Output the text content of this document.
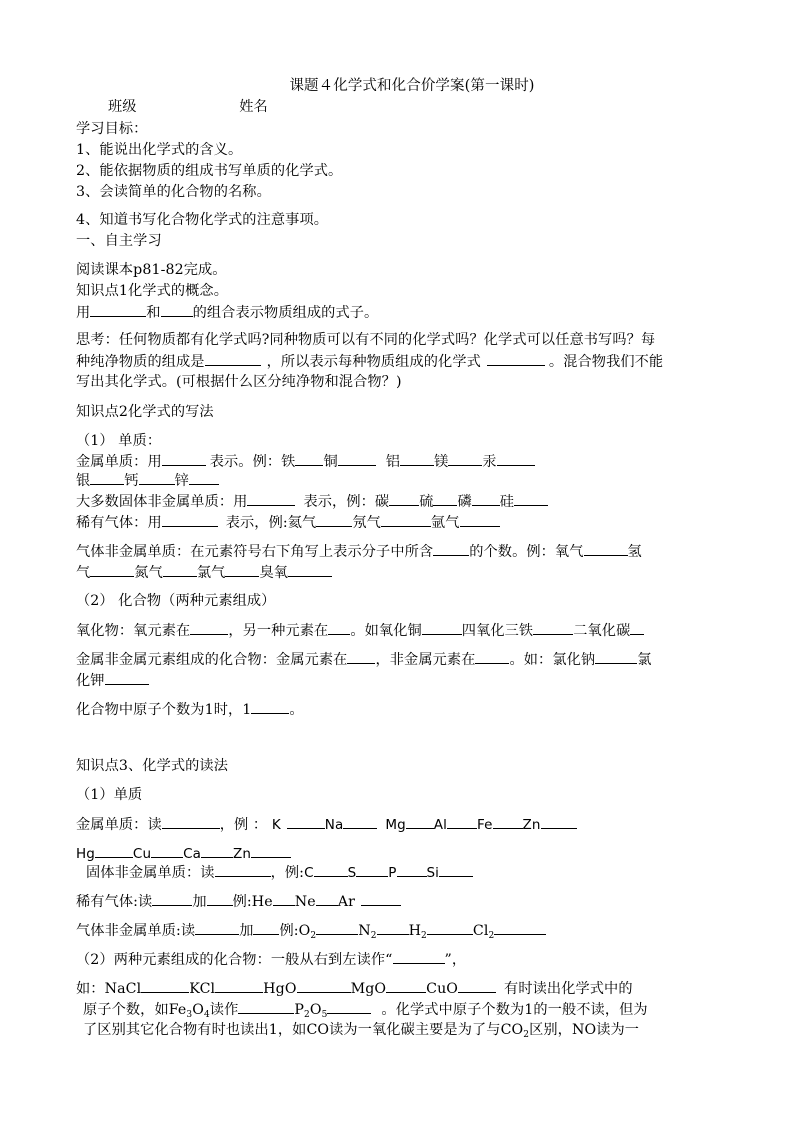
课题４化学式和化合价学案(第一课时)
班级	姓名
学习目标：
1、能说出化学式的含义。
2、能依据物质的组成书写单质的化学式。
3、会读简单的化合物的名称。
4、知道书写化合物化学式的注意事项。
一、自主学习
阅读课本p81-82完成。
知识点1化学式的概念。
用	和 的组合表示物质组成的式子。
思考：任何物质都有化学式吗?同种物质可以有不同的化学式吗？化学式可以任意书写吗？每
种纯净物质的组成是	，所以表示每种物质组成的化学式	。混合物我们不能
写出其化学式。(可根据什么区分纯净物和混合物？)
知识点2化学式的写法
（1） 单质：
金属单质：用	表示。例：铁 铜	铝 镁 汞
银 钙	锌
大多数固体非金属单质：用	表示，例：碳 硫 磷 硅
稀有气体：用	表示，例:氦气	氖气	氩气
气体非金属单质：在元素符号右下角写上表示分子中所含	的个数。例：氧气	氢
气	氮气 氯气 臭氧
（2） 化合物（两种元素组成）
氧化物：氧元素在	，另一种元素在 。如氧化铜	四氧化三铁	二氧化碳
金属非金属元素组成的化合物：金属元素在 ，非金属元素在 。如：氯化钠	氯
化钾
化合物中原子个数为1时，1	。
知识点3、化学式的读法
（1）单质
金属单质：读	，例 ： K	Na	Mg Al Fe Zn
Hg	Cu Ca Zn
固体非金属单质：读	，例:C	S P Si
稀有气体:读	加 例:He Ne Ar
气体非金属单质:读	加 例$:O_2$	$N_2$ $H_2$	$Cl_2$
（2）两种元素组成的化合物：一般从右到左读作“	”，
如：NaCl	KCl	HgO	MgO	CuO	有时读出化学式中的
原子个数，如$Fe_3O_4$读作	$P_2O_5$	。化学式中原子个数为1的一般不读，但为
了区别其它化合物有时也读出1，如CO读为一氧化碳主要是为了与$CO_2$区别，NO读为一
